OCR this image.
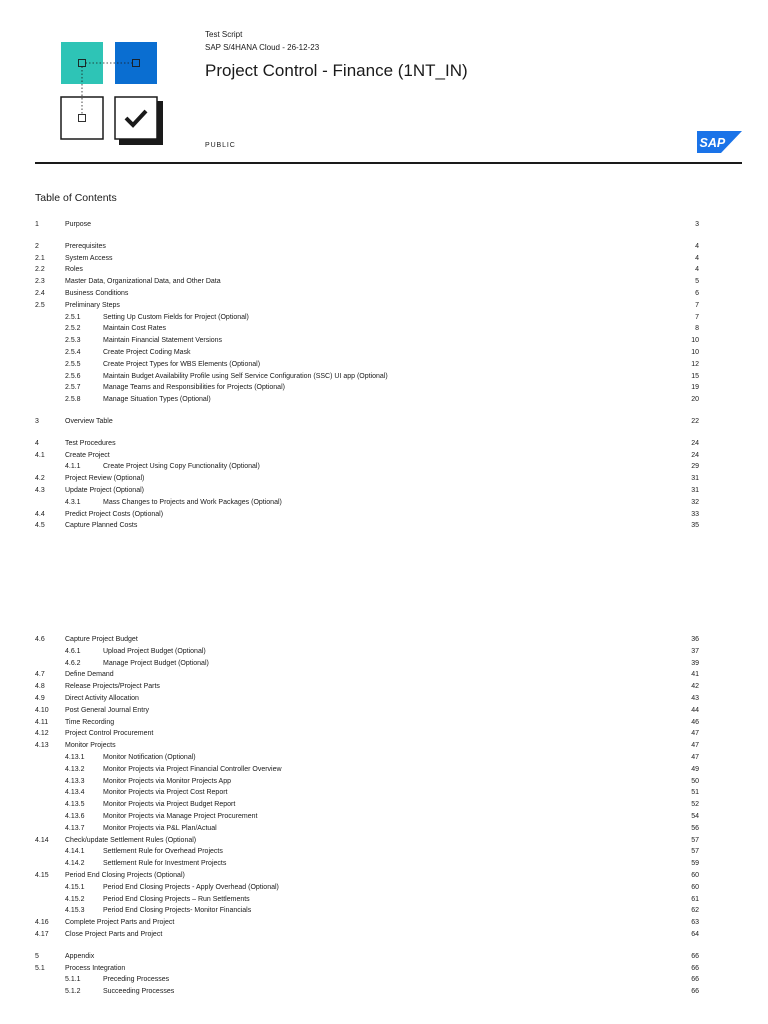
Test Script
SAP S/4HANA Cloud - 26-12-23
Project Control - Finance (1NT_IN)
PUBLIC	SAP
Table of Contents
1	Purpose	3
2	Prerequisites	4
2.1	System Access	4
2.2	Roles	4
2.3	Master Data, Organizational Data, and Other Data	5
2.4	Business Conditions	6
2.5	Preliminary Steps	7
2.5.1	Setting Up Custom Fields for Project (Optional)	7
2.5.2	Maintain Cost Rates	8
2.5.3	Maintain Financial Statement Versions	10
2.5.4	Create Project Coding Mask	10
2.5.5	Create Project Types for WBS Elements (Optional)	12
2.5.6	Maintain Budget Availability Profile using Self Service Configuration (SSC) UI app (Optional)	15
2.5.7	Manage Teams and Responsibilities for Projects (Optional)	19
2.5.8	Manage Situation Types (Optional)	20
3	Overview Table	22
4	Test Procedures	24
4.1	Create Project	24
4.1.1	Create Project Using Copy Functionality (Optional)	29
4.2	Project Review (Optional)	31
4.3	Update Project (Optional)	31
4.3.1	Mass Changes to Projects and Work Packages (Optional)	32
4.4	Predict Project Costs (Optional)	33
4.5	Capture Planned Costs	35
4.6	Capture Project Budget	36
4.6.1	Upload Project Budget (Optional)	37
4.6.2	Manage Project Budget (Optional)	39
4.7	Define Demand	41
4.8	Release Projects/Project Parts	42
4.9	Direct Activity Allocation	43
4.10 Post General Journal Entry	44
4.11 Time Recording	46
4.12 Project Control Procurement	47
4.13 Monitor Projects	47
4.13.1	Monitor Notification (Optional)	47
4.13.2	Monitor Projects via Project Financial Controller Overview	49
4.13.3	Monitor Projects via Monitor Projects App	50
4.13.4	Monitor Projects via Project Cost Report	51
4.13.5	Monitor Projects via Project Budget Report	52
4.13.6	Monitor Projects via Manage Project Procurement	54
4.13.7	Monitor Projects via P&L Plan/Actual	56
4.14 Check/update Settlement Rules (Optional)	57
4.14.1	Settlement Rule for Overhead Projects	57
4.14.2	Settlement Rule for Investment Projects	59
4.15 Period End Closing Projects (Optional)	60
4.15.1	Period End Closing Projects - Apply Overhead (Optional)	60
4.15.2	Period End Closing Projects – Run Settlements	61
4.15.3	Period End Closing Projects- Monitor Financials	62
4.16 Complete Project Parts and Project	63
4.17 Close Project Parts and Project	64
5	Appendix	66
5.1	Process Integration	66
5.1.1	Preceding Processes	66
5.1.2	Succeeding Processes	66
